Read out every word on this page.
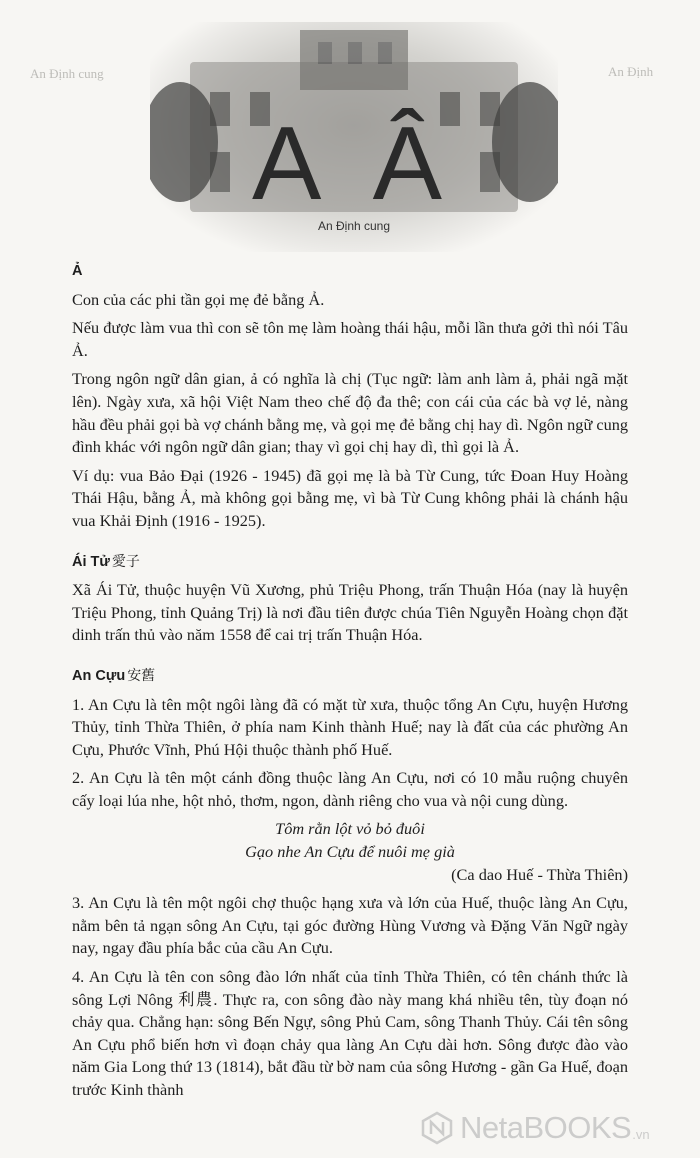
An Định cung	An Định
A Â
An Định cung
Ả

Con của các phi tần gọi mẹ đẻ bằng Ả.

Nếu được làm vua thì con sẽ tôn mẹ làm hoàng thái hậu, mỗi lần thưa gởi thì nói Tâu Ả.

Trong ngôn ngữ dân gian, ả có nghĩa là chị (Tục ngữ: làm anh làm ả, phải ngã mặt lên). Ngày xưa, xã hội Việt Nam theo chế độ đa thê; con cái của các bà vợ lẻ, nàng hầu đều phải gọi bà vợ chánh bằng mẹ, và gọi mẹ đẻ bằng chị hay dì. Ngôn ngữ cung đình khác với ngôn ngữ dân gian; thay vì gọi chị hay dì, thì gọi là Ả.

Ví dụ: vua Bảo Đại (1926 - 1945) đã gọi mẹ là bà Từ Cung, tức Đoan Huy Hoàng Thái Hậu, bằng Ả, mà không gọi bằng mẹ, vì bà Từ Cung không phải là chánh hậu vua Khải Định (1916 - 1925).

Ái Tử 愛子

Xã Ái Tử, thuộc huyện Vũ Xương, phủ Triệu Phong, trấn Thuận Hóa (nay là huyện Triệu Phong, tỉnh Quảng Trị) là nơi đầu tiên được chúa Tiên Nguyễn Hoàng chọn đặt dinh trấn thủ vào năm 1558 để cai trị trấn Thuận Hóa.

An Cựu 安舊

1. An Cựu là tên một ngôi làng đã có mặt từ xưa, thuộc tổng An Cựu, huyện Hương Thủy, tỉnh Thừa Thiên, ở phía nam Kinh thành Huế; nay là đất của các phường An Cựu, Phước Vĩnh, Phú Hội thuộc thành phố Huế.

2. An Cựu là tên một cánh đồng thuộc làng An Cựu, nơi có 10 mẫu ruộng chuyên cấy loại lúa nhe, hột nhỏ, thơm, ngon, dành riêng cho vua và nội cung dùng.

Tôm rằn lột vỏ bỏ đuôi

Gạo nhe An Cựu để nuôi mẹ già

(Ca dao Huế - Thừa Thiên)

3. An Cựu là tên một ngôi chợ thuộc hạng xưa và lớn của Huế, thuộc làng An Cựu, nằm bên tả ngạn sông An Cựu, tại góc đường Hùng Vương và Đặng Văn Ngữ ngày nay, ngay đầu phía bắc của cầu An Cựu.

4. An Cựu là tên con sông đào lớn nhất của tỉnh Thừa Thiên, có tên chánh thức là sông Lợi Nông 利農. Thực ra, con sông đào này mang khá nhiều tên, tùy đoạn nó chảy qua. Chẳng hạn: sông Bến Ngự, sông Phủ Cam, sông Thanh Thủy. Cái tên sông An Cựu phổ biến hơn vì đoạn chảy qua làng An Cựu dài hơn. Sông được đào vào năm Gia Long thứ 13 (1814), bắt đầu từ bờ nam của sông Hương - gần Ga Huế, đoạn trước Kinh thành

NetaBOOKS .vn
